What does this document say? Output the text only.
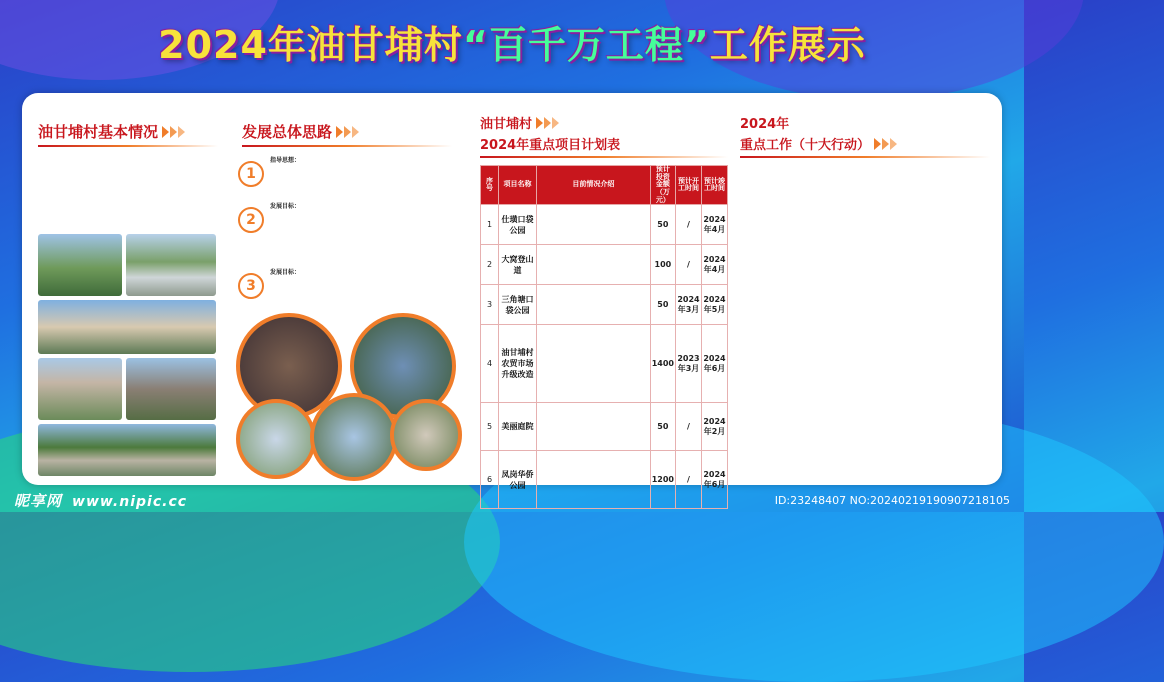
2024年油甘埔村“百千万工程”工作展示
油甘埔村基本情况	发展总体思路
1
指导思想：
2
发展目标：
3
发展目标：
油甘埔村
2024年重点项目计划表
序号	项目名称	目前情况介绍	预计投资金额（万元）	预计开工时间	预计竣工时间
1	仕璜口袋公园		50	/	2024年4月
2	大窝登山道		100	/	2024年4月
3	三角塘口袋公园		50	2024年3月	2024年5月
4	油甘埔村农贸市场升级改造		1400	2023年3月	2024年6月
5	美丽庭院		50	/	2024年2月
6	凤岗华侨公园		1200	/	2024年6月
2024年
重点工作（十大行动）
昵享网 www.nipic.cc	ID:23248407 NO:20240219190907218105
